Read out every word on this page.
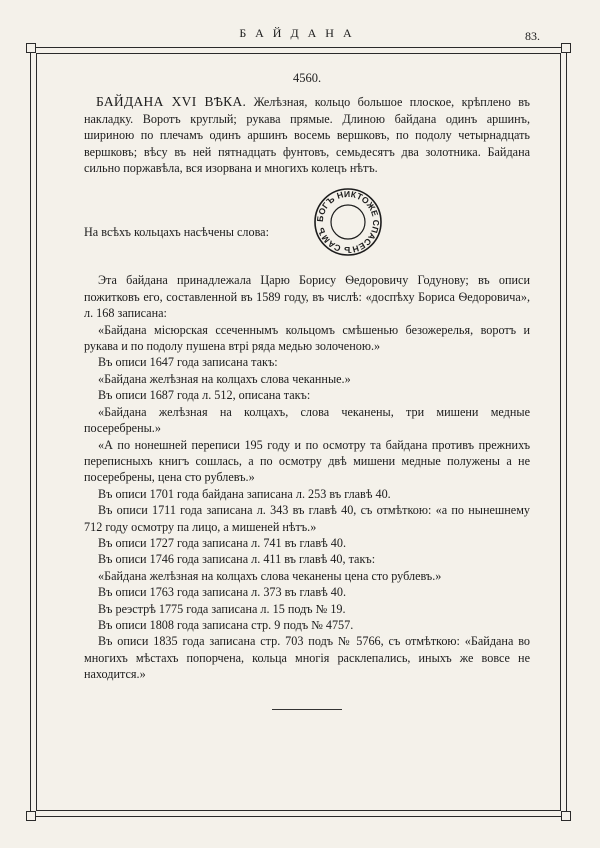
БАЙДАНА	83.
4560.

БАЙДАНА XVI ВѢКА. Желѣзная, кольцо большое плоское, крѣплено въ накладку. Воротъ круглый; рукава прямые. Длиною байдана одинъ аршинъ, шириною по плечамъ одинъ аршинъ восемь вершковъ, по подолу четырнадцать вершковъ; вѣсу въ ней пятнадцать фунтовъ, семьдесятъ два золотника. Байдана сильно поржавѣла, вся изорвана и многихъ колецъ нѣтъ.

На всѣхъ кольцахъ насѣчены слова:
БОГЪ НИКТОЖЕ СПАСЕНЪ САМЪ

Эта байдана принадлежала Царю Борису Ѳедоровичу Годунову; въ описи пожитковъ его, составленной въ 1589 году, въ числѣ: «доспѣху Бориса Ѳедоровича», л. 168 записана:

«Байдана мiсюрская ссеченнымъ кольцомъ смѣшенью безожерелья, воротъ и рукава и по подолу пушена втрi ряда медью золоченою.»

Въ описи 1647 года записана такъ:

«Байдана желѣзная на колцахъ слова чеканные.»

Въ описи 1687 года л. 512, описана такъ:

«Байдана желѣзная на колцахъ, слова чеканены, три мишени медные посеребрены.»

«А по нонешней переписи 195 году и по осмотру та байдана противъ прежнихъ переписныхъ книгъ сошлась, а по осмотру двѣ мишени медные полужены а не посеребрены, цена сто рублевъ.»

Въ описи 1701 года байдана записана л. 253 въ главѣ 40.

Въ описи 1711 года записана л. 343 въ главѣ 40, съ отмѣткою: «а по нынешнему 712 году осмотру па лицо, а мишеней нѣтъ.»

Въ описи 1727 года записана л. 741 въ главѣ 40.

Въ описи 1746 года записана л. 411 въ главѣ 40, такъ:

«Байдана желѣзная на колцахъ слова чеканены цена сто рублевъ.»

Въ описи 1763 года записана л. 373 въ главѣ 40.

Въ реэстрѣ 1775 года записана л. 15 подъ № 19.

Въ описи 1808 года записана стр. 9 подъ № 4757.

Въ описи 1835 года записана стр. 703 подъ № 5766, съ отмѣткою: «Байдана во многихъ мѣстахъ попорчена, кольца многiя расклепались, иныхъ же вовсе не находится.»
